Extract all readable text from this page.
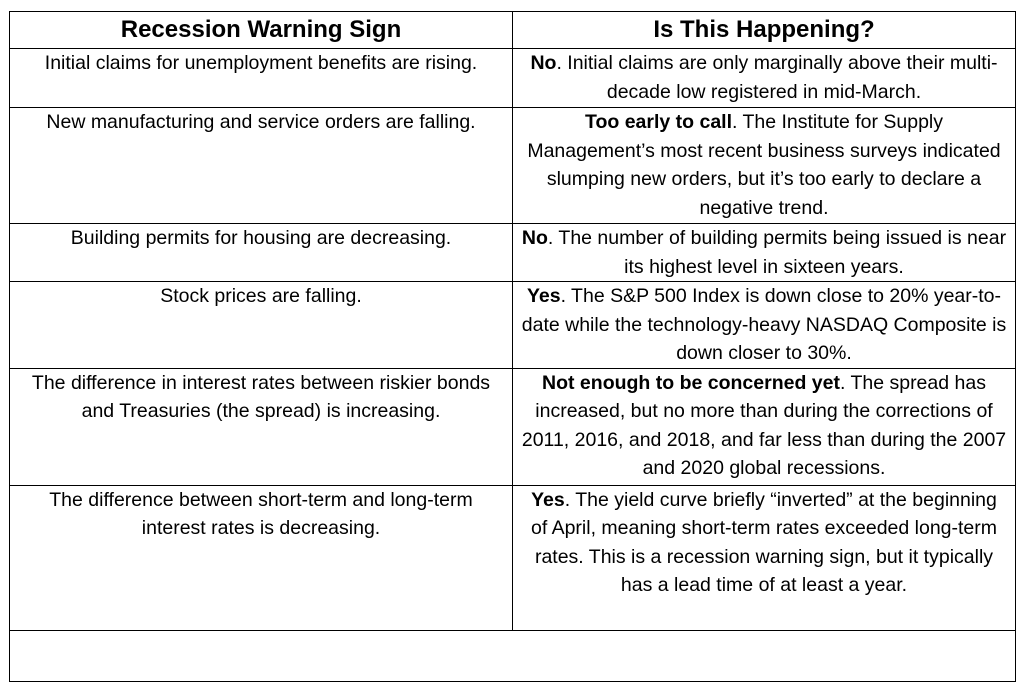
Recession Warning Sign	Is This Happening?
Initial claims for unemployment benefits are rising.	No. Initial claims are only marginally above their multi-decade low registered in mid-March.
New manufacturing and service orders are falling.	Too early to call. The Institute for Supply Management’s most recent business surveys indicated slumping new orders, but it’s too early to declare a negative trend.
Building permits for housing are decreasing.	No. The number of building permits being issued is near its highest level in sixteen years.
Stock prices are falling.	Yes. The S&P 500 Index is down close to 20% year-to-date while the technology-heavy NASDAQ Composite is down closer to 30%.
The difference in interest rates between riskier bonds and Treasuries (the spread) is increasing.	Not enough to be concerned yet. The spread has increased, but no more than during the corrections of 2011, 2016, and 2018, and far less than during the 2007 and 2020 global recessions.
The difference between short-term and long-term interest rates is decreasing.	Yes. The yield curve briefly “inverted” at the beginning of April, meaning short-term rates exceeded long-term rates. This is a recession warning sign, but it typically has a lead time of at least a year.
